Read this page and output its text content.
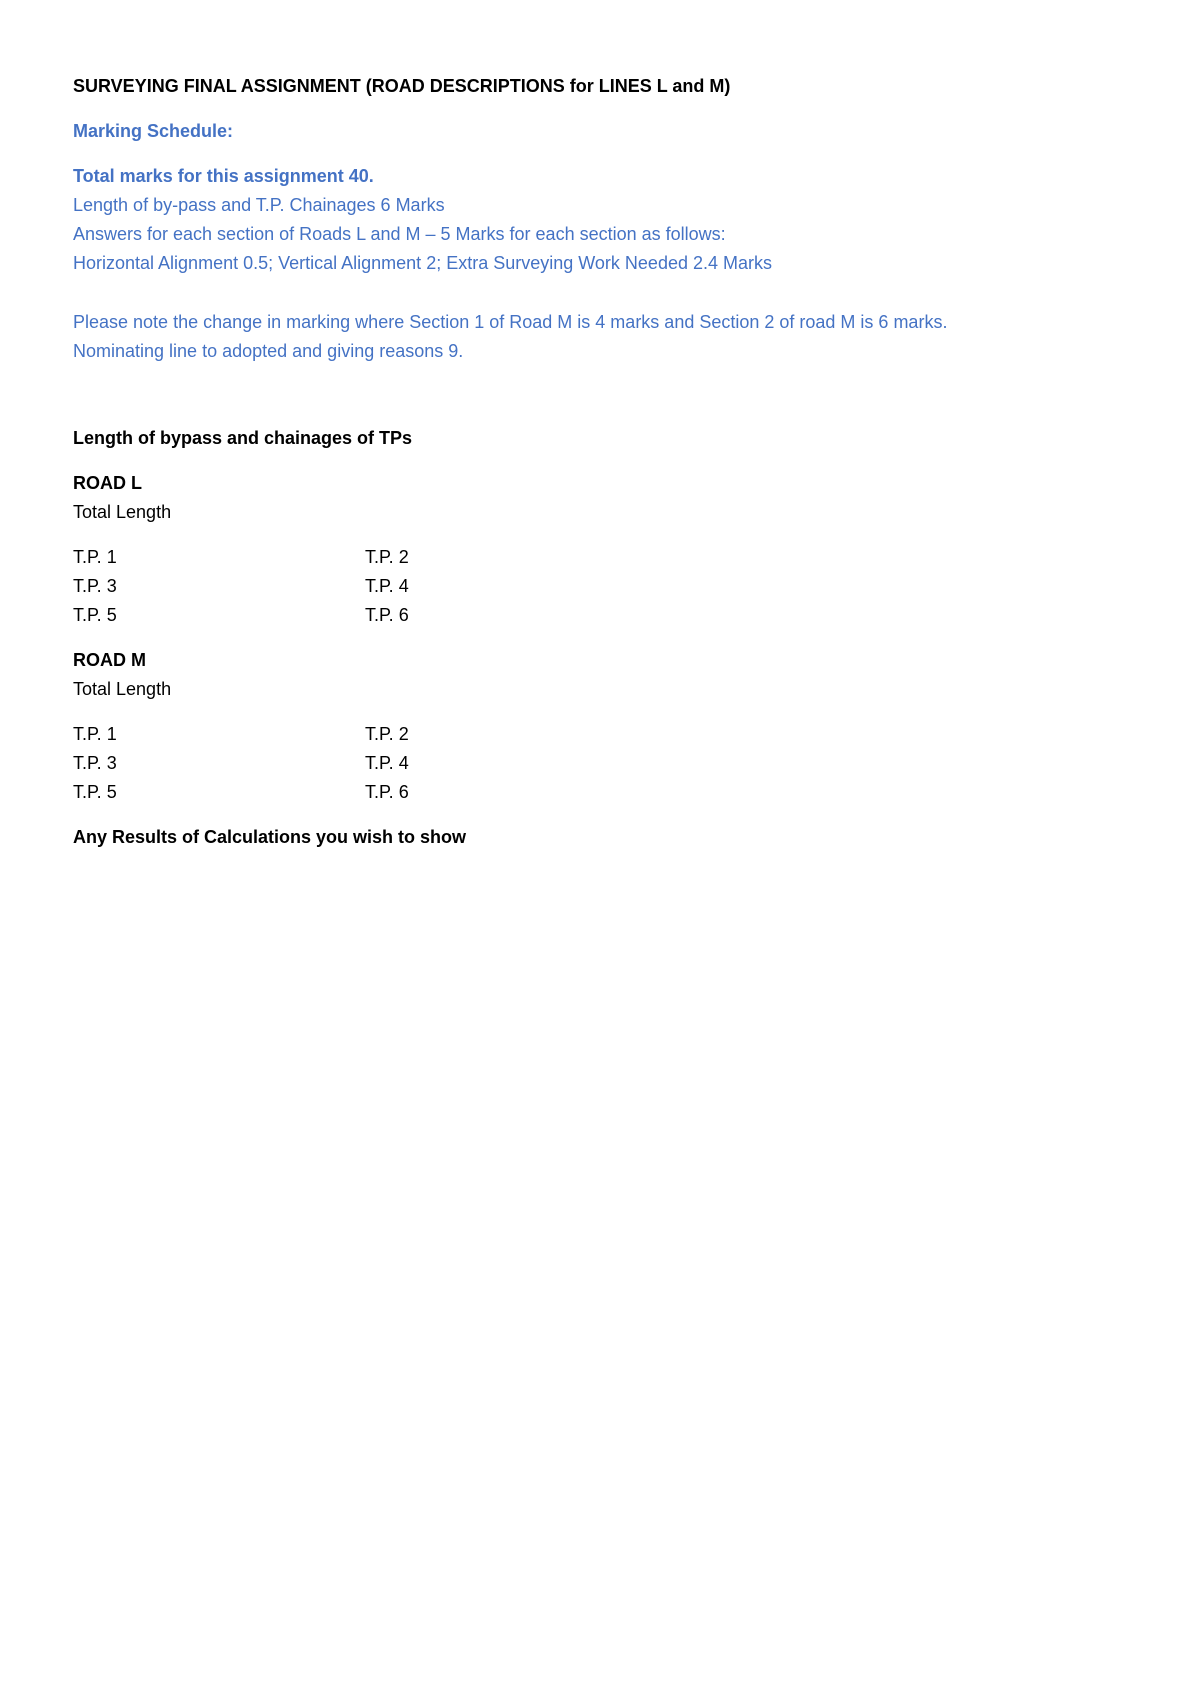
SURVEYING FINAL ASSIGNMENT (ROAD DESCRIPTIONS for LINES L and M)
Marking Schedule:
Total marks for this assignment 40.
Length of by-pass and T.P. Chainages 6 Marks
Answers for each section of Roads L and M – 5 Marks for each section as follows:
Horizontal Alignment 0.5; Vertical Alignment 2; Extra Surveying Work Needed 2.4 Marks
Please note the change in marking where Section 1 of Road M is 4 marks and Section 2 of road M is 6 marks.
Nominating line to adopted and giving reasons 9.
Length of bypass and chainages of TPs
ROAD L
Total Length
T.P. 1	T.P. 2
T.P. 3	T.P. 4
T.P. 5	T.P. 6
ROAD M
Total Length
T.P. 1	T.P. 2
T.P. 3	T.P. 4
T.P. 5	T.P. 6
Any Results of Calculations you wish to show
